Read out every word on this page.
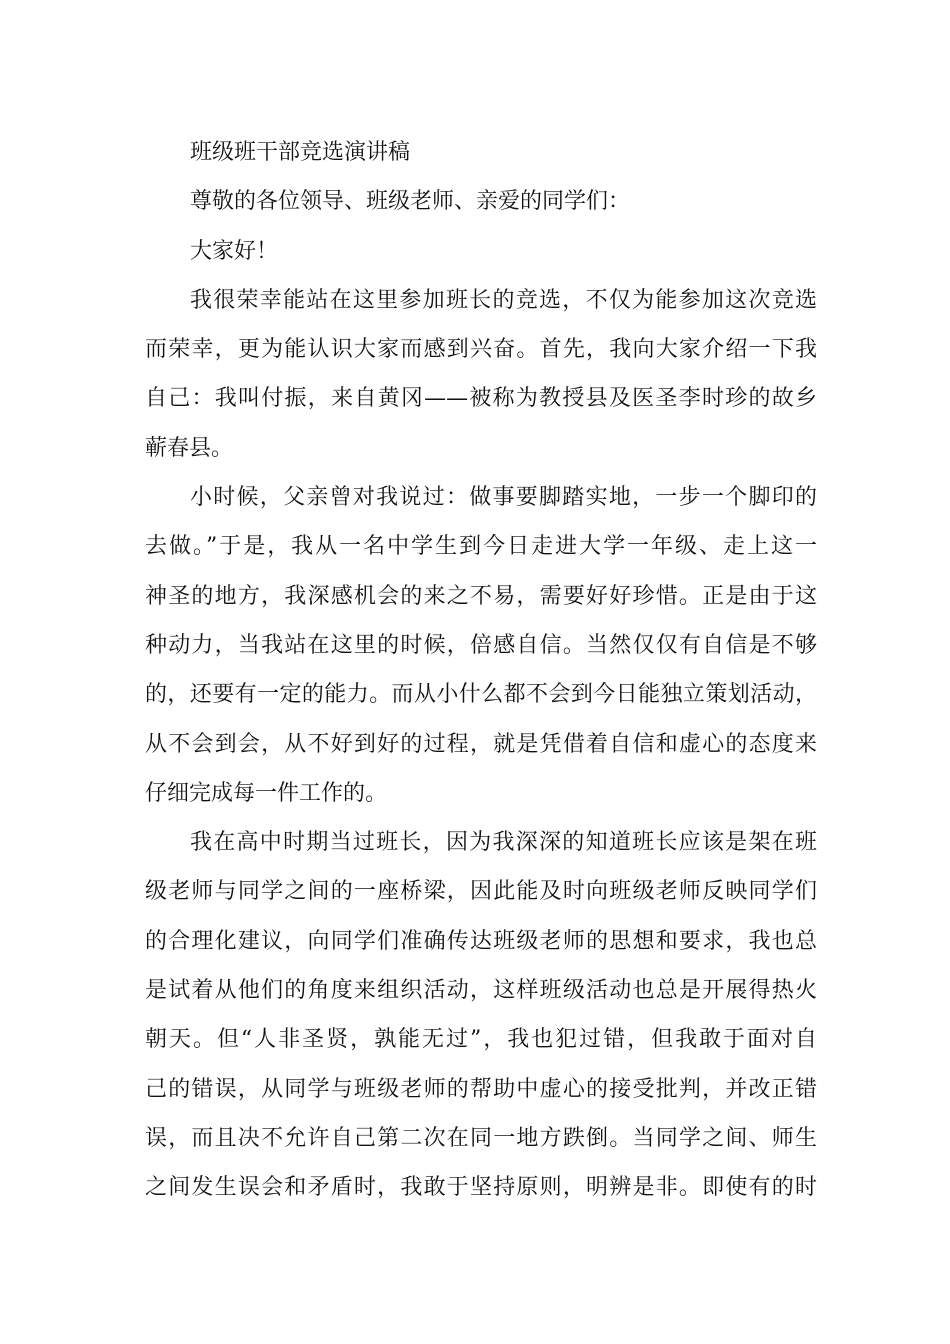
班级班干部竞选演讲稿
尊敬的各位领导、班级老师、亲爱的同学们：
大家好！
我很荣幸能站在这里参加班长的竞选，不仅为能参加这次竞选
而荣幸，更为能认识大家而感到兴奋。首先，我向大家介绍一下我
自己：我叫付振，来自黄冈——被称为教授县及医圣李时珍的故乡
蕲春县。
小时候，父亲曾对我说过：做事要脚踏实地，一步一个脚印的
去做。”于是，我从一名中学生到今日走进大学一年级、走上这一
神圣的地方，我深感机会的来之不易，需要好好珍惜。正是由于这
种动力，当我站在这里的时候，倍感自信。当然仅仅有自信是不够
的，还要有一定的能力。而从小什么都不会到今日能独立策划活动，
从不会到会，从不好到好的过程，就是凭借着自信和虚心的态度来
仔细完成每一件工作的。
我在高中时期当过班长，因为我深深的知道班长应该是架在班
级老师与同学之间的一座桥梁，因此能及时向班级老师反映同学们
的合理化建议，向同学们准确传达班级老师的思想和要求，我也总
是试着从他们的角度来组织活动，这样班级活动也总是开展得热火
朝天。但“人非圣贤，孰能无过”，我也犯过错，但我敢于面对自
己的错误，从同学与班级老师的帮助中虚心的接受批判，并改正错
误，而且决不允许自己第二次在同一地方跌倒。当同学之间、师生
之间发生误会和矛盾时，我敢于坚持原则，明辨是非。即使有的时
